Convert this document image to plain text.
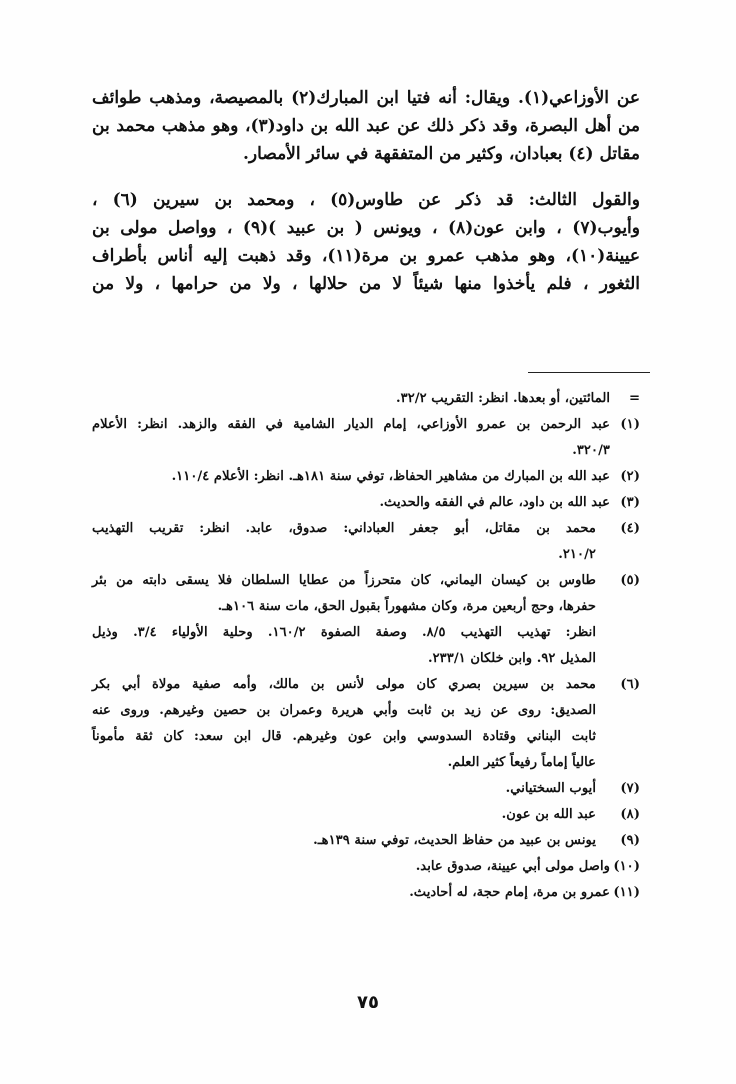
عن الأوزاعي(١). ويقال: أنه فتيا ابن المبارك(٢) بالمصيصة، ومذهب طوائف
من أهل البصرة، وقد ذكر ذلك عن عبد الله بن داود(٣)، وهو مذهب محمد بن
مقاتل (٤) بعبادان، وكثير من المتفقهة في سائر الأمصار.
والقول الثالث: قد ذكر عن طاوس(٥) ، ومحمد بن سيرين (٦) ،
وأيوب(٧) ، وابن عون(٨) ، ويونس ( بن عبيد )(٩) ، وواصل مولى بن
عيينة(١٠)، وهو مذهب عمرو بن مرة(١١)، وقد ذهبت إليه أناس بأطراف
الثغور ، فلم يأخذوا منها شيئاً لا من حلالها ، ولا من حرامها ، ولا من
=
المائتين، أو بعدها. انظر: التقريب ٣٢/٢.
(١)
عبد الرحمن بن عمرو الأوزاعي، إمام الديار الشامية في الفقه والزهد. انظر: الأعلام
٣٢٠/٣.
(٢)
عبد الله بن المبارك من مشاهير الحفاظ، توفي سنة ١٨١هـ. انظر: الأعلام ١١٠/٤.
(٣)
عبد الله بن داود، عالم في الفقه والحديث.
(٤)
محمد بن مقاتل، أبو جعفر العباداني: صدوق، عابد. انظر: تقريب التهذيب
٢١٠/٢.
(٥)
طاوس بن كيسان اليماني، كان متحرزاً من عطايا السلطان فلا يسقى دابته من بئر
حفرها، وحج أربعين مرة، وكان مشهوراً بقبول الحق، مات سنة ١٠٦هـ.
انظر: تهذيب التهذيب ٨/٥. وصفة الصفوة ١٦٠/٢. وحلية الأولياء ٣/٤. وذيل
المذيل ٩٢. وابن خلكان ٢٣٣/١.
(٦)
محمد بن سيرين بصري كان مولى لأنس بن مالك، وأمه صفية مولاة أبي بكر
الصديق: روى عن زيد بن ثابت وأبي هريرة وعمران بن حصين وغيرهم. وروى عنه
ثابت البناني وقتادة السدوسي وابن عون وغيرهم. قال ابن سعد: كان ثقة مأموناً
عالياً إماماً رفيعاً كثير العلم.
(٧)
أيوب السختياني.
(٨)
عبد الله بن عون.
(٩)
يونس بن عبيد من حفاظ الحديث، توفي سنة ١٣٩هـ.
(١٠)
واصل مولى أبي عيينة، صدوق عابد.
(١١)
عمرو بن مرة، إمام حجة، له أحاديث.
٧٥
